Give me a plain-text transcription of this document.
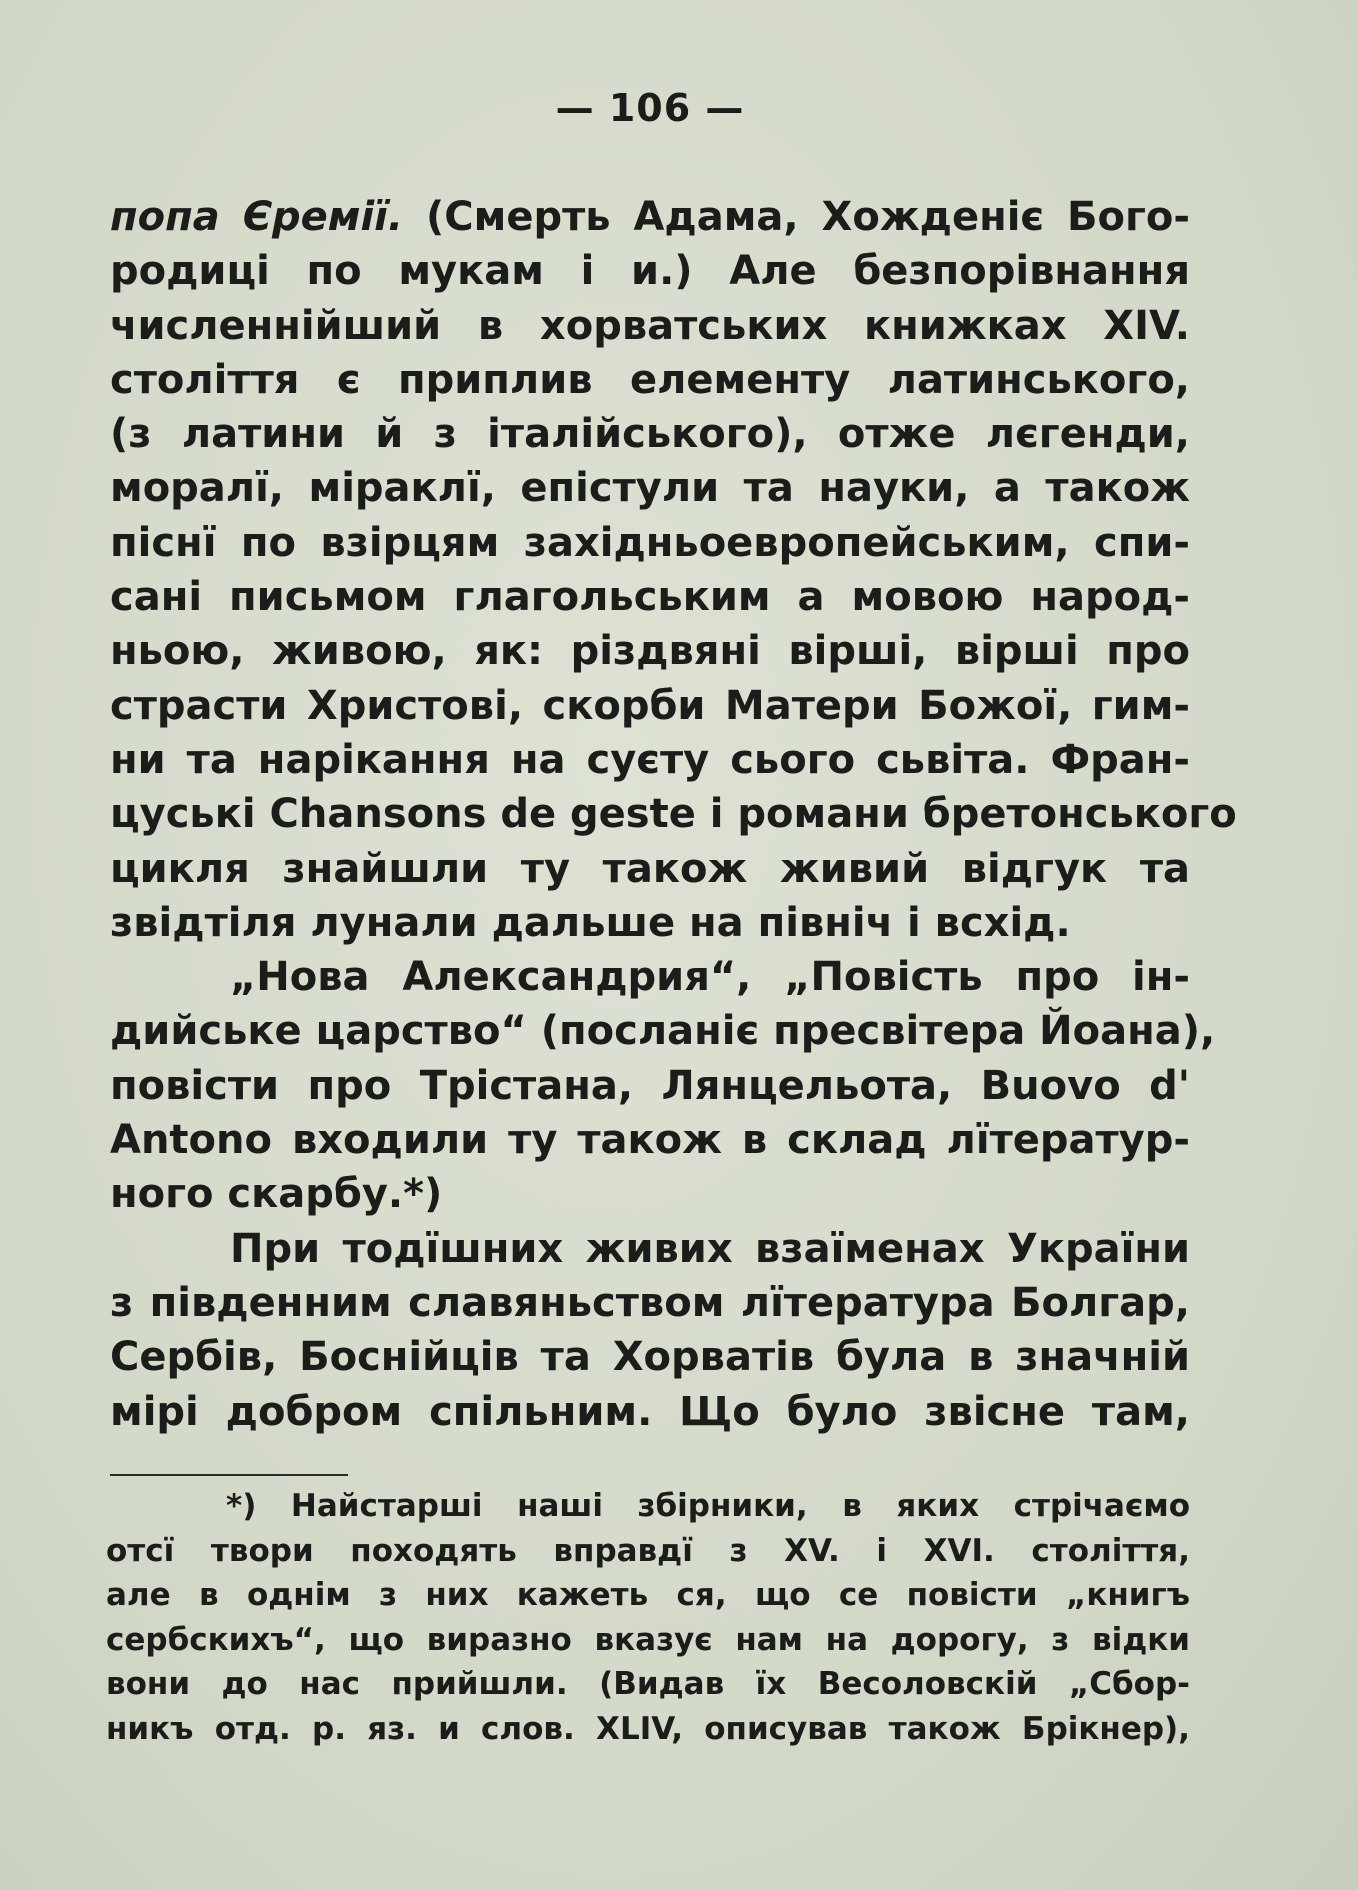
— 106 —
попа Єремії. (Смерть Адама, Хожденіє Бого-
родиці по мукам і и.) Але безпорівнання
численнійший в хорватських книжках XIV.
століття є приплив елементу латинського,
(з латини й з італійського), отже лєгенди,
моралї, міраклї, епістули та науки, а також
піснї по взірцям західньоевропейським, спи-
сані письмом глагольським а мовою народ-
ньою, живою, як: різдвяні вірші, вірші про
страсти Христові, скорби Матери Божої, гим-
ни та нарікання на суєту сього сьвіта. Фран-
цуські Chansons de geste і романи бретонського
цикля знайшли ту також живий відгук та
звідтіля лунали дальше на північ і всхід.
„Нова Александрия“, „Повість про ін-
дийське царство“ (посланіє пресвітера Йоана),
повісти про Трістана, Лянцельота, Buovo d'
Antono входили ту також в склад лїтератур-
ного скарбу.*)
При тодїшних живих взаїменах України
з південним славяньством лїтература Болгар,
Сербів, Боснійців та Хорватів була в значній
мірі добром спільним. Що було звісне там,
*) Найстарші наші збірники, в яких стрічаємо
отсї твори походять вправдї з XV. і XVI. століття,
але в однім з них кажеть ся, що се повісти „книгъ
сербскихъ“, що виразно вказує нам на дорогу, з відки
вони до нас прийшли. (Видав їх Весоловскій „Сбор-
никъ отд. р. яз. и слов. XLIV, описував також Брікнер),
